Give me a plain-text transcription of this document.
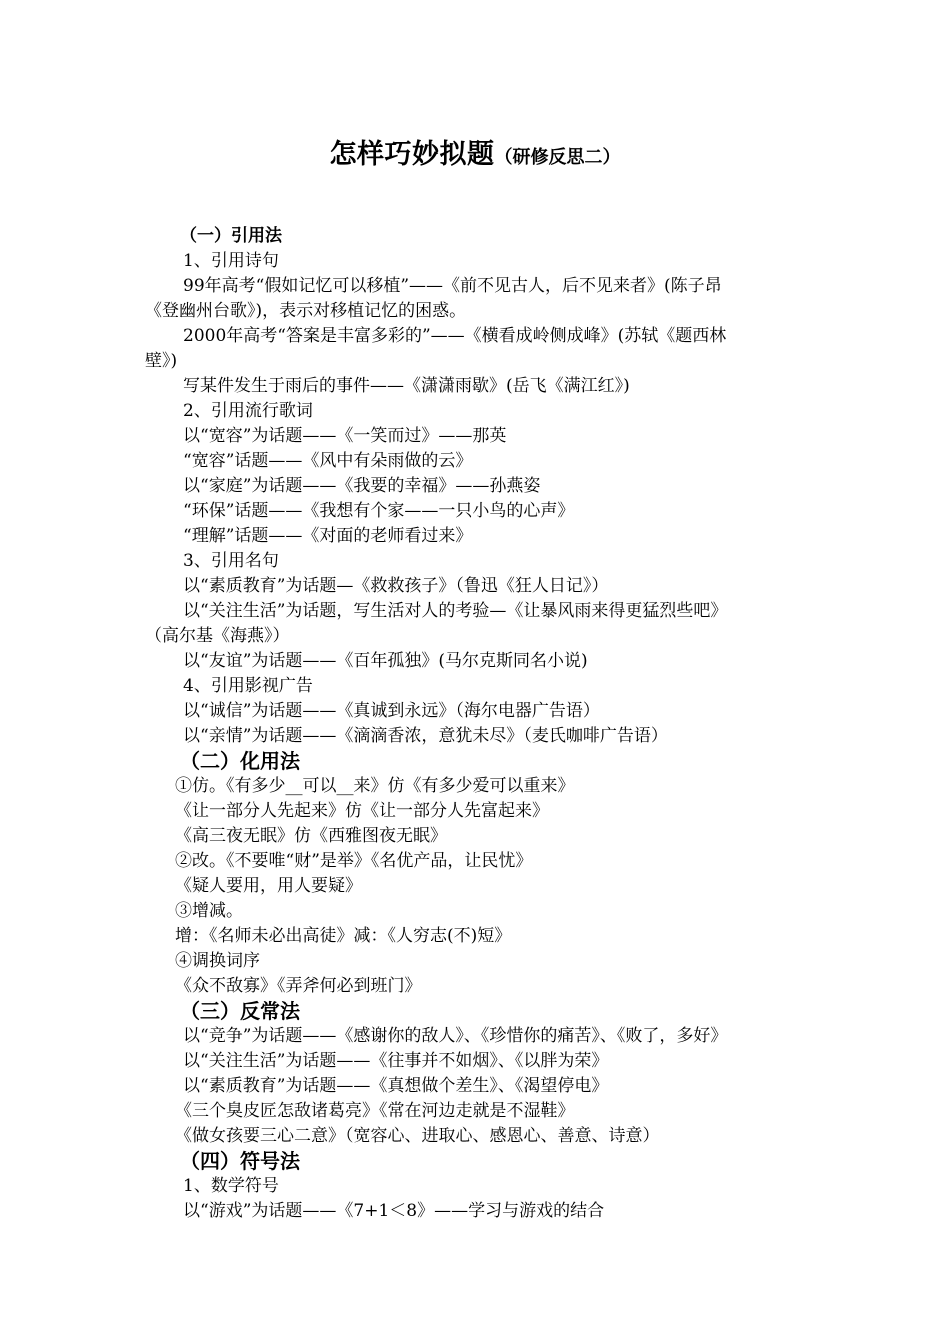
怎样巧妙拟题（研修反思二）
（一）引用法
1、引用诗句
99年高考“假如记忆可以移植”——《前不见古人，后不见来者》(陈子昂
《登幽州台歌》)，表示对移植记忆的困惑。
2000年高考“答案是丰富多彩的”——《横看成岭侧成峰》(苏轼《题西林
壁》)
写某件发生于雨后的事件——《潇潇雨歇》(岳飞《满江红》)
2、引用流行歌词
以“宽容”为话题——《一笑而过》——那英
“宽容”话题——《风中有朵雨做的云》
以“家庭”为话题——《我要的幸福》——孙燕姿
“环保”话题——《我想有个家——一只小鸟的心声》
“理解”话题——《对面的老师看过来》
3、引用名句
以“素质教育”为话题—《救救孩子》（鲁迅《狂人日记》）
以“关注生活”为话题，写生活对人的考验—《让暴风雨来得更猛烈些吧》
（高尔基《海燕》）
以“友谊”为话题——《百年孤独》(马尔克斯同名小说)
4、引用影视广告
以“诚信”为话题——《真诚到永远》（海尔电器广告语）
以“亲情”为话题——《滴滴香浓，意犹未尽》（麦氏咖啡广告语）
（二）化用法
①仿。《有多少__可以__来》仿《有多少爱可以重来》
《让一部分人先起来》仿《让一部分人先富起来》
《高三夜无眠》仿《西雅图夜无眠》
②改。《不要唯“财”是举》《名优产品，让民忧》
《疑人要用，用人要疑》
③增减。
增：《名师未必出高徒》减：《人穷志(不)短》
④调换词序
《众不敌寡》《弄斧何必到班门》
（三）反常法
以“竞争”为话题——《感谢你的敌人》、《珍惜你的痛苦》、《败了，多好》
以“关注生活”为话题——《往事并不如烟》、《以胖为荣》
以“素质教育”为话题——《真想做个差生》、《渴望停电》
《三个臭皮匠怎敌诸葛亮》《常在河边走就是不湿鞋》
《做女孩要三心二意》（宽容心、进取心、感恩心、善意、诗意）
（四）符号法
1、数学符号
以“游戏”为话题——《7+1＜8》——学习与游戏的结合
